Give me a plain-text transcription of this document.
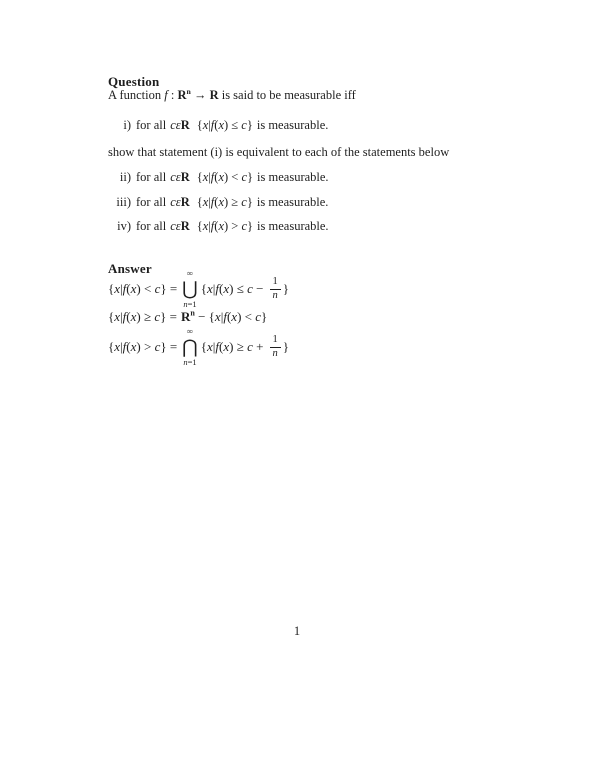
Question
A function f : $R^n \to R$ is said to be measurable iff
i) for all cεR {x|f(x) ≤ c} is measurable.
show that statement (i) is equivalent to each of the statements below
ii) for all cεR {x|f(x) < c} is measurable.
iii) for all cεR {x|f(x) ≥ c} is measurable.
iv) for all cεR {x|f(x) > c} is measurable.
Answer
{x|f(x) < c} =
∞
⋃
n=1
{$x|f(x) \le c - \frac{1}{n}$ }
$\{x|f(x) \ge c\} = R^n - \{x|f(x) < c\}$
{x|f(x) > c} =
∞
⋂
n=1
{$x|f(x) \ge c + \frac{1}{n}$ }
1
